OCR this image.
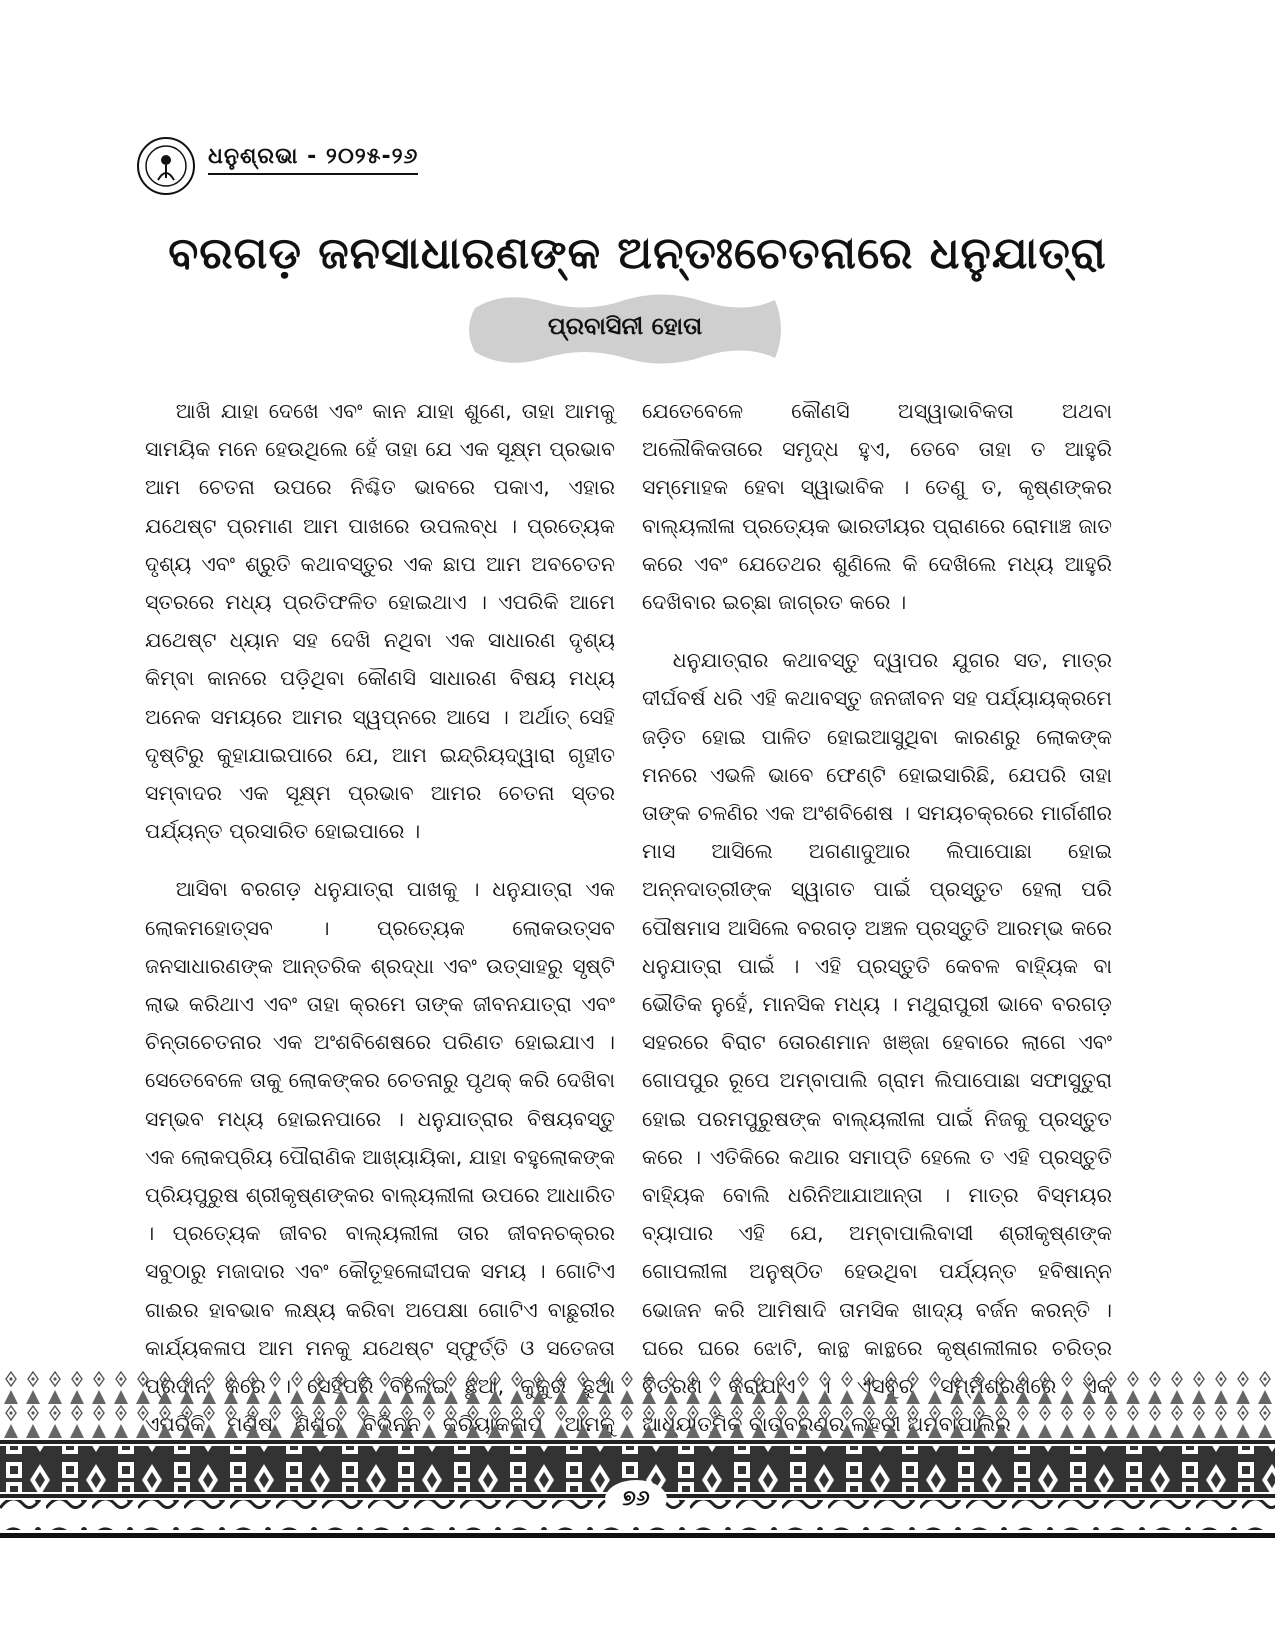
ଧନୁଶ୍ରଭା - ୨୦୨୫-୨୬
ବରଗଡ଼ ଜନସାଧାରଣଙ୍କ ଅନ୍ତଃଚେତନାରେ ଧନୁଯାତ୍ରା
ପ୍ରବାସିନୀ ହୋତା

ଆଖି ଯାହା ଦେଖେ ଏବଂ କାନ ଯାହା ଶୁଣେ, ତାହା ଆମକୁ ସାମୟିକ ମନେ ହେଉଥିଲେ ହେଁ ତାହା ଯେ ଏକ ସୂକ୍ଷ୍ମ ପ୍ରଭାବ ଆମ ଚେତନା ଉପରେ ନିଶ୍ଚିତ ଭାବରେ ପକାଏ, ଏହାର ଯଥେଷ୍ଟ ପ୍ରମାଣ ଆମ ପାଖରେ ଉପଲବ୍ଧ । ପ୍ରତ୍ୟେକ ଦୃଶ୍ୟ ଏବଂ ଶ୍ରୁତି କଥାବସ୍ତୁର ଏକ ଛାପ ଆମ ଅବଚେତନ ସ୍ତରରେ ମଧ୍ୟ ପ୍ରତିଫଳିତ ହୋଇଥାଏ । ଏପରିକି ଆମେ ଯଥେଷ୍ଟ ଧ୍ୟାନ ସହ ଦେଖି ନଥିବା ଏକ ସାଧାରଣ ଦୃଶ୍ୟ କିମ୍ବା କାନରେ ପଡ଼ିଥିବା କୌଣସି ସାଧାରଣ ବିଷୟ ମଧ୍ୟ ଅନେକ ସମୟରେ ଆମର ସ୍ୱପ୍ନରେ ଆସେ । ଅର୍ଥାତ୍ ସେହି ଦୃଷ୍ଟିରୁ କୁହାଯାଇପାରେ ଯେ, ଆମ ଇନ୍ଦ୍ରିୟଦ୍ୱାରା ଗୃହୀତ ସମ୍ବାଦର ଏକ ସୂକ୍ଷ୍ମ ପ୍ରଭାବ ଆମର ଚେତନା ସ୍ତର ପର୍ଯ୍ୟନ୍ତ ପ୍ରସାରିତ ହୋଇପାରେ ।

ଆସିବା ବରଗଡ଼ ଧନୁଯାତ୍ରା ପାଖକୁ । ଧନୁଯାତ୍ରା ଏକ ଲୋକମହୋତ୍ସବ । ପ୍ରତ୍ୟେକ ଲୋକଉତ୍ସବ ଜନସାଧାରଣଙ୍କ ଆନ୍ତରିକ ଶ୍ରଦ୍ଧା ଏବଂ ଉତ୍ସାହରୁ ସୃଷ୍ଟି ଲାଭ କରିଥାଏ ଏବଂ ତାହା କ୍ରମେ ତାଙ୍କ ଜୀବନଯାତ୍ରା ଏବଂ ଚିନ୍ତାଚେତନାର ଏକ ଅଂଶବିଶେଷରେ ପରିଣତ ହୋଇଯାଏ । ସେତେବେଳେ ତାକୁ ଲୋକଙ୍କର ଚେତନାରୁ ପୃଥକ୍ କରି ଦେଖିବା ସମ୍ଭବ ମଧ୍ୟ ହୋଇନପାରେ । ଧନୁଯାତ୍ରାର ବିଷୟବସ୍ତୁ ଏକ ଲୋକପ୍ରିୟ ପୌରାଣିକ ଆଖ୍ୟାୟିକା, ଯାହା ବହୁଲୋକଙ୍କ ପ୍ରିୟପୁରୁଷ ଶ୍ରୀକୃଷ୍ଣଙ୍କର ବାଲ୍ୟଲୀଳା ଉପରେ ଆଧାରିତ । ପ୍ରତ୍ୟେକ ଜୀବର ବାଲ୍ୟଲୀଳା ତାର ଜୀବନଚକ୍ରର ସବୁଠାରୁ ମଜାଦାର ଏବଂ କୌତୂହଳୋଦ୍ଦୀପକ ସମୟ । ଗୋଟିଏ ଗାଈର ହାବଭାବ ଲକ୍ଷ୍ୟ କରିବା ଅପେକ୍ଷା ଗୋଟିଏ ବାଛୁରୀର କାର୍ଯ୍ୟକଳାପ ଆମ ମନକୁ ଯଥେଷ୍ଟ ସ୍ଫୁର୍ତ୍ତି ଓ ସତେଜତା

ଯେତେବେଳେ କୌଣସି ଅସ୍ୱାଭାବିକତା ଅଥବା ଅଲୌକିକତାରେ ସମୃଦ୍ଧ ହୁଏ, ତେବେ ତାହା ତ ଆହୁରି ସମ୍ମୋହକ ହେବା ସ୍ୱାଭାବିକ । ତେଣୁ ତ, କୃଷ୍ଣଙ୍କର ବାଲ୍ୟଲୀଳା ପ୍ରତ୍ୟେକ ଭାରତୀୟର ପ୍ରାଣରେ ରୋମାଞ୍ଚ ଜାତ କରେ ଏବଂ ଯେତେଥର ଶୁଣିଲେ କି ଦେଖିଲେ ମଧ୍ୟ ଆହୁରି ଦେଖିବାର ଇଚ୍ଛା ଜାଗ୍ରତ କରେ ।

ଧନୁଯାତ୍ରାର କଥାବସ୍ତୁ ଦ୍ୱାପର ଯୁଗର ସତ, ମାତ୍ର ଦୀର୍ଘବର୍ଷ ଧରି ଏହି କଥାବସ୍ତୁ ଜନଜୀବନ ସହ ପର୍ଯ୍ୟାୟକ୍ରମେ ଜଡ଼ିତ ହୋଇ ପାଳିତ ହୋଇଆସୁଥିବା କାରଣରୁ ଲୋକଙ୍କ ମନରେ ଏଭଳି ଭାବେ ଫେଣ୍ଟି ହୋଇସାରିଛି, ଯେପରି ତାହା ତାଙ୍କ ଚଳଣିର ଏକ ଅଂଶବିଶେଷ । ସମୟଚକ୍ରରେ ମାର୍ଗଶୀର ମାସ ଆସିଲେ ଅଗଣାଦୁଆର ଲିପାପୋଛା ହୋଇ ଅନ୍ନଦାତ୍ରୀଙ୍କ ସ୍ୱାଗତ ପାଇଁ ପ୍ରସ୍ତୁତ ହେଲା ପରି ପୌଷମାସ ଆସିଲେ ବରଗଡ଼ ଅଞ୍ଚଳ ପ୍ରସ୍ତୁତି ଆରମ୍ଭ କରେ ଧନୁଯାତ୍ରା ପାଇଁ । ଏହି ପ୍ରସ୍ତୁତି କେବଳ ବାହ୍ୟିକ ବା ଭୌତିକ ନୁହେଁ, ମାନସିକ ମଧ୍ୟ । ମଥୁରାପୁରୀ ଭାବେ ବରଗଡ଼ ସହରରେ ବିରାଟ ତୋରଣମାନ ଖଞ୍ଜା ହେବାରେ ଲାଗେ ଏବଂ ଗୋପପୁର ରୂପେ ଅମ୍ବାପାଲି ଗ୍ରାମ ଲିପାପୋଛା ସଫାସୁତୁରା ହୋଇ ପରମପୁରୁଷଙ୍କ ବାଲ୍ୟଲୀଳା ପାଇଁ ନିଜକୁ ପ୍ରସ୍ତୁତ କରେ । ଏତିକିରେ କଥାର ସମାପ୍ତି ହେଲେ ତ ଏହି ପ୍ରସ୍ତୁତି ବାହ୍ୟିକ ବୋଲି ଧରିନିଆଯାଆନ୍ତା । ମାତ୍ର ବିସ୍ମୟର ବ୍ୟାପାର ଏହି ଯେ, ଅମ୍ବାପାଲିବାସୀ ଶ୍ରୀକୃଷ୍ଣଙ୍କ ଗୋପଲୀଳା ଅନୁଷ୍ଠିତ ହେଉଥିବା ପର୍ଯ୍ୟନ୍ତ ହବିଷାନ୍ନ ଭୋଜନ କରି ଆମିଷାଦି ତାମସିକ ଖାଦ୍ୟ ବର୍ଜନ କରନ୍ତି । ଘରେ ଘରେ ଝୋଟି, କାନ୍ଥ କାନ୍ଥରେ କୃଷ୍ଣଲୀଳାର ଚରିତ୍ର

୭୬
